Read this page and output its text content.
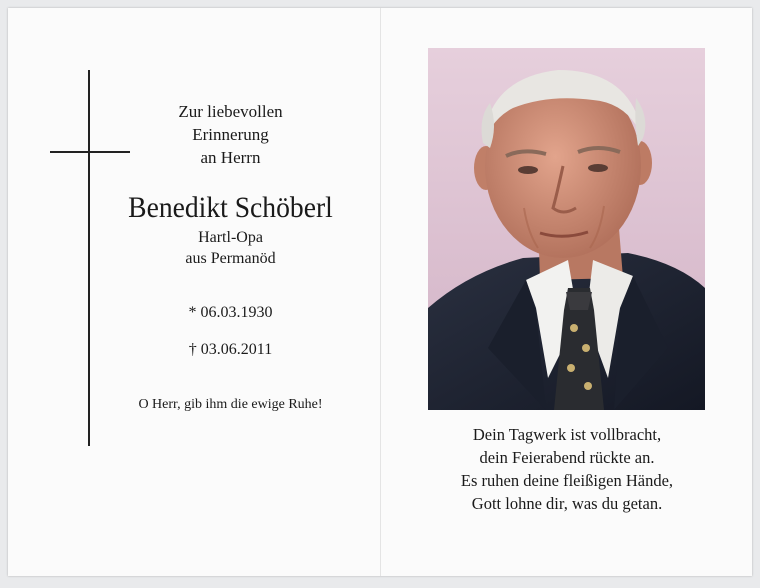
Zur liebevollen
Erinnerung
an Herrn
Benedikt Schöberl
Hartl-Opa
aus Permanöd
* 06.03.1930
† 03.06.2011
O Herr, gib ihm die ewige Ruhe!
Dein Tagwerk ist vollbracht,
dein Feierabend rückte an.
Es ruhen deine fleißigen Hände,
Gott lohne dir, was du getan.
